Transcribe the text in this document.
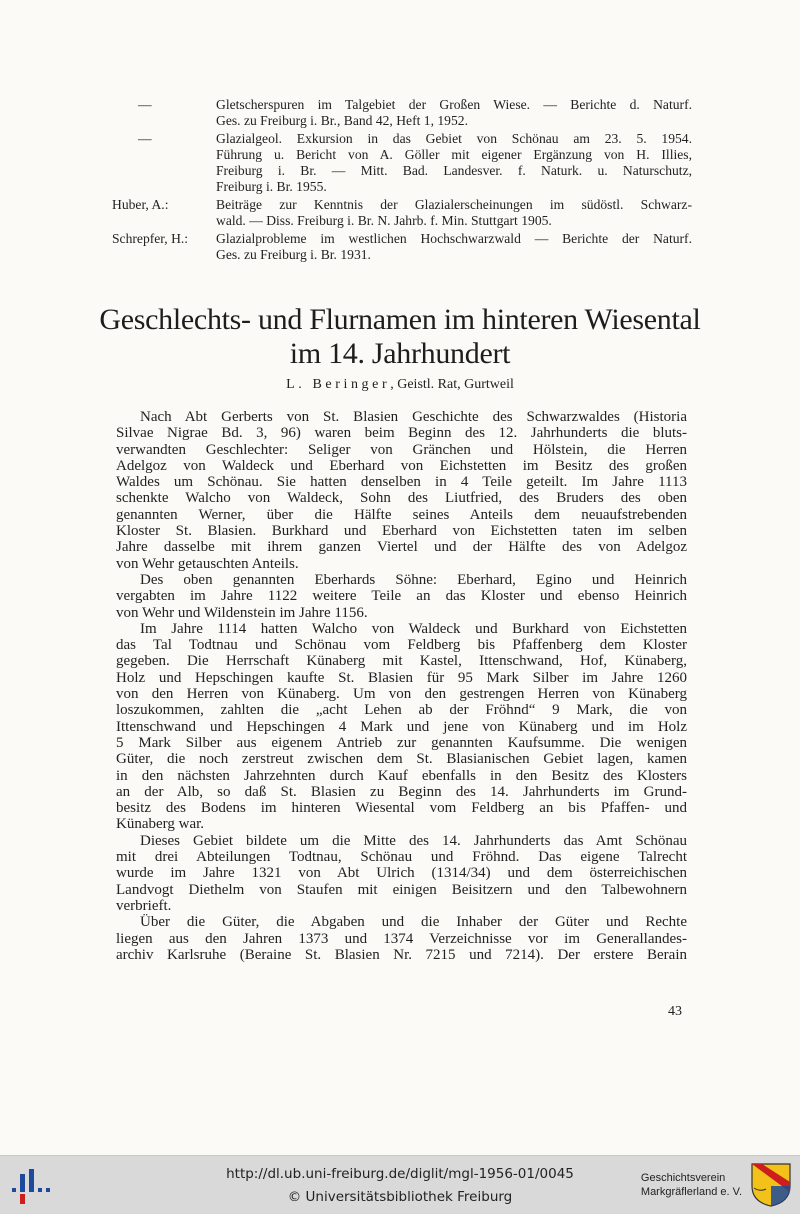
—	Gletscherspuren im Talgebiet der Großen Wiese. — Berichte d. Naturf.
Ges. zu Freiburg i. Br., Band 42, Heft 1, 1952.
—	Glazialgeol. Exkursion in das Gebiet von Schönau am 23. 5. 1954.
Führung u. Bericht von A. Göller mit eigener Ergänzung von H. Illies,
Freiburg i. Br. — Mitt. Bad. Landesver. f. Naturk. u. Naturschutz,
Freiburg i. Br. 1955.
Huber, A.:	Beiträge zur Kenntnis der Glazialerscheinungen im südöstl. Schwarz-
wald. — Diss. Freiburg i. Br. N. Jahrb. f. Min. Stuttgart 1905.
Schrepfer, H.:	Glazialprobleme im westlichen Hochschwarzwald — Berichte der Naturf.
Ges. zu Freiburg i. Br. 1931.
Geschlechts- und Flurnamen im hinteren Wiesental
im 14. Jahrhundert
L. Beringer, Geistl. Rat, Gurtweil
Nach Abt Gerberts von St. Blasien Geschichte des Schwarzwaldes (Historia
Silvae Nigrae Bd. 3, 96) waren beim Beginn des 12. Jahrhunderts die bluts-
verwandten Geschlechter: Seliger von Gränchen und Hölstein, die Herren
Adelgoz von Waldeck und Eberhard von Eichstetten im Besitz des großen
Waldes um Schönau. Sie hatten denselben in 4 Teile geteilt. Im Jahre 1113
schenkte Walcho von Waldeck, Sohn des Liutfried, des Bruders des oben
genannten Werner, über die Hälfte seines Anteils dem neuaufstrebenden
Kloster St. Blasien. Burkhard und Eberhard von Eichstetten taten im selben
Jahre dasselbe mit ihrem ganzen Viertel und der Hälfte des von Adelgoz
von Wehr getauschten Anteils.
Des oben genannten Eberhards Söhne: Eberhard, Egino und Heinrich
vergabten im Jahre 1122 weitere Teile an das Kloster und ebenso Heinrich
von Wehr und Wildenstein im Jahre 1156.
Im Jahre 1114 hatten Walcho von Waldeck und Burkhard von Eichstetten
das Tal Todtnau und Schönau vom Feldberg bis Pfaffenberg dem Kloster
gegeben. Die Herrschaft Künaberg mit Kastel, Ittenschwand, Hof, Künaberg,
Holz und Hepschingen kaufte St. Blasien für 95 Mark Silber im Jahre 1260
von den Herren von Künaberg. Um von den gestrengen Herren von Künaberg
loszukommen, zahlten die „acht Lehen ab der Fröhnd“ 9 Mark, die von
Ittenschwand und Hepschingen 4 Mark und jene von Künaberg und im Holz
5 Mark Silber aus eigenem Antrieb zur genannten Kaufsumme. Die wenigen
Güter, die noch zerstreut zwischen dem St. Blasianischen Gebiet lagen, kamen
in den nächsten Jahrzehnten durch Kauf ebenfalls in den Besitz des Klosters
an der Alb, so daß St. Blasien zu Beginn des 14. Jahrhunderts im Grund-
besitz des Bodens im hinteren Wiesental vom Feldberg an bis Pfaffen- und
Künaberg war.
Dieses Gebiet bildete um die Mitte des 14. Jahrhunderts das Amt Schönau
mit drei Abteilungen Todtnau, Schönau und Fröhnd. Das eigene Talrecht
wurde im Jahre 1321 von Abt Ulrich (1314/34) und dem österreichischen
Landvogt Diethelm von Staufen mit einigen Beisitzern und den Talbewohnern
verbrieft.
Über die Güter, die Abgaben und die Inhaber der Güter und Rechte
liegen aus den Jahren 1373 und 1374 Verzeichnisse vor im Generallandes-
archiv Karlsruhe (Beraine St. Blasien Nr. 7215 und 7214). Der erstere Berain
43
http://dl.ub.uni-freiburg.de/diglit/mgl-1956-01/0045
© Universitätsbibliothek Freiburg
Geschichtsverein
Markgräflerland e. V.
